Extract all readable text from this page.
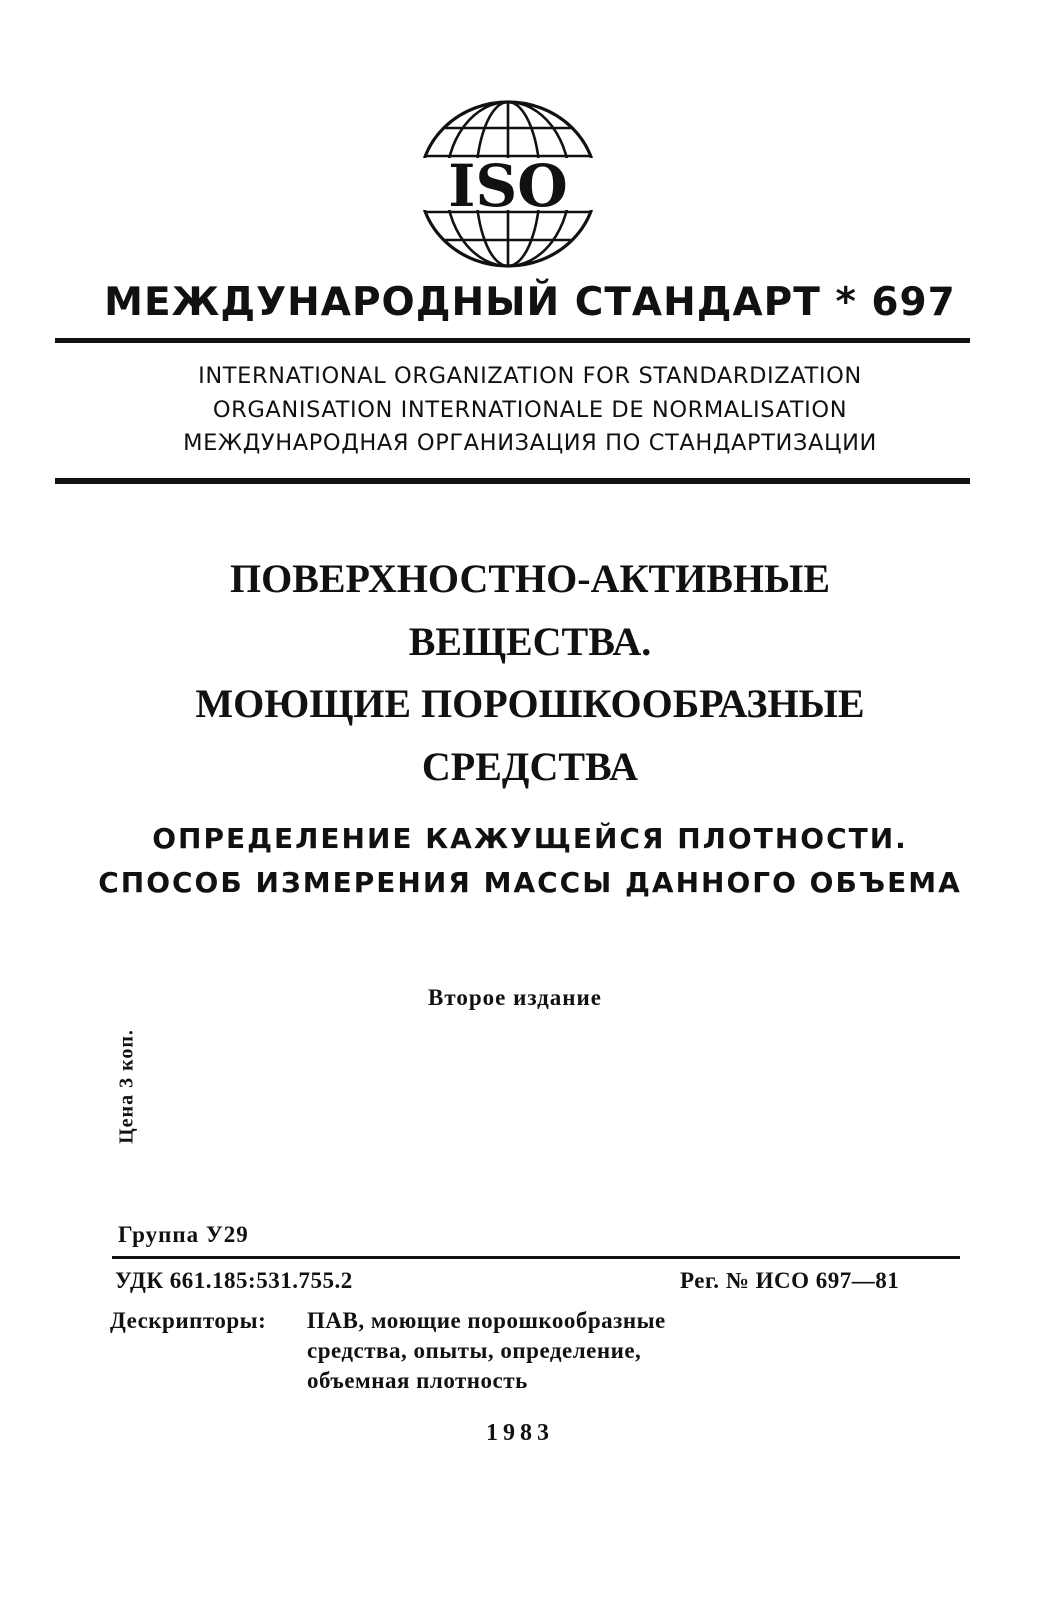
ISO
МЕЖДУНАРОДНЫЙ СТАНДАРТ * 697
INTERNATIONAL ORGANIZATION FOR STANDARDIZATION
ORGANISATION INTERNATIONALE DE NORMALISATION
МЕЖДУНАРОДНАЯ ОРГАНИЗАЦИЯ ПО СТАНДАРТИЗАЦИИ
ПОВЕРХНОСТНО-АКТИВНЫЕ
ВЕЩЕСТВА.
МОЮЩИЕ ПОРОШКООБРАЗНЫЕ
СРЕДСТВА
ОПРЕДЕЛЕНИЕ КАЖУЩЕЙСЯ ПЛОТНОСТИ.
СПОСОБ ИЗМЕРЕНИЯ МАССЫ ДАННОГО ОБЪЕМА
Второе издание
Цена 3 коп.
Группа У29
УДК 661.185:531.755.2	Рег. № ИСО 697—81
Дескрипторы: ПАВ, моющие порошкообразные
средства, опыты, определение,
объемная плотность
1983
